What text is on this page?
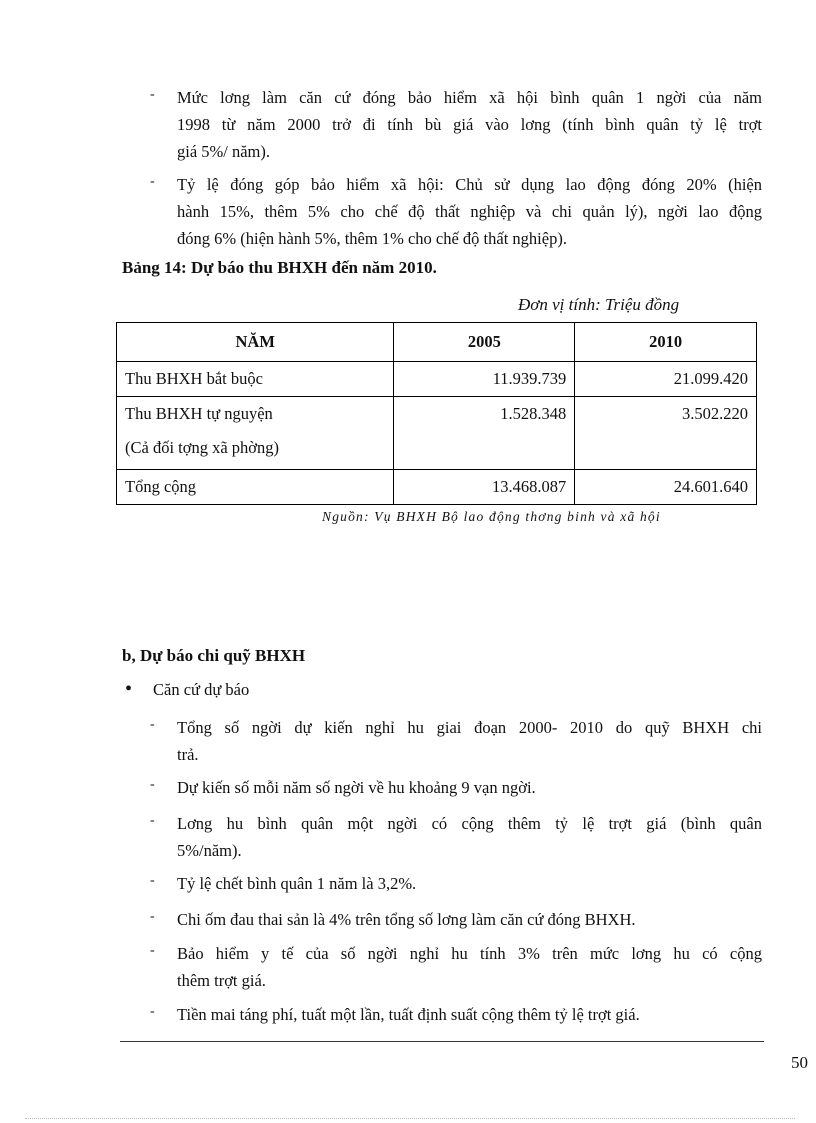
- Mức lơng làm căn cứ đóng bảo hiểm xã hội bình quân 1 ngời của năm
1998 từ năm 2000 trở đi tính bù giá vào lơng (tính bình quân tỷ lệ trợt
giá 5%/ năm).
- Tỷ lệ đóng góp bảo hiểm xã hội: Chủ sử dụng lao động đóng 20% (hiện
hành 15%, thêm 5% cho chế độ thất nghiệp và chi quản lý), ngời lao động
đóng 6% (hiện hành 5%, thêm 1% cho chế độ thất nghiệp).
Bảng 14: Dự báo thu BHXH đến năm 2010.
Đơn vị tính: Triệu đồng
NĂM	2005	2010
Thu BHXH bắt buộc	11.939.739	21.099.420

Thu BHXH tự nguyện
(Cả đối tợng xã phờng)	1.528.348	3.502.220
Tổng cộng	13.468.087	24.601.640
Nguồn: Vụ BHXH Bộ lao động thơng binh và xã hội
b, Dự báo chi quỹ BHXH
• Căn cứ dự báo
- Tổng số ngời dự kiến nghỉ hu giai đoạn 2000- 2010 do quỹ BHXH chi
trả.
- Dự kiến số mỗi năm số ngời về hu khoảng 9 vạn ngời.
- Lơng hu bình quân một ngời có cộng thêm tỷ lệ trợt giá (bình quân
5%/năm).
- Tỷ lệ chết bình quân 1 năm là 3,2%.
- Chi ốm đau thai sản là 4% trên tổng số lơng làm căn cứ đóng BHXH.
- Bảo hiểm y tế của số ngời nghỉ hu tính 3% trên mức lơng hu có cộng
thêm trợt giá.
- Tiền mai táng phí, tuất một lần, tuất định suất cộng thêm tỷ lệ trợt giá.
50
